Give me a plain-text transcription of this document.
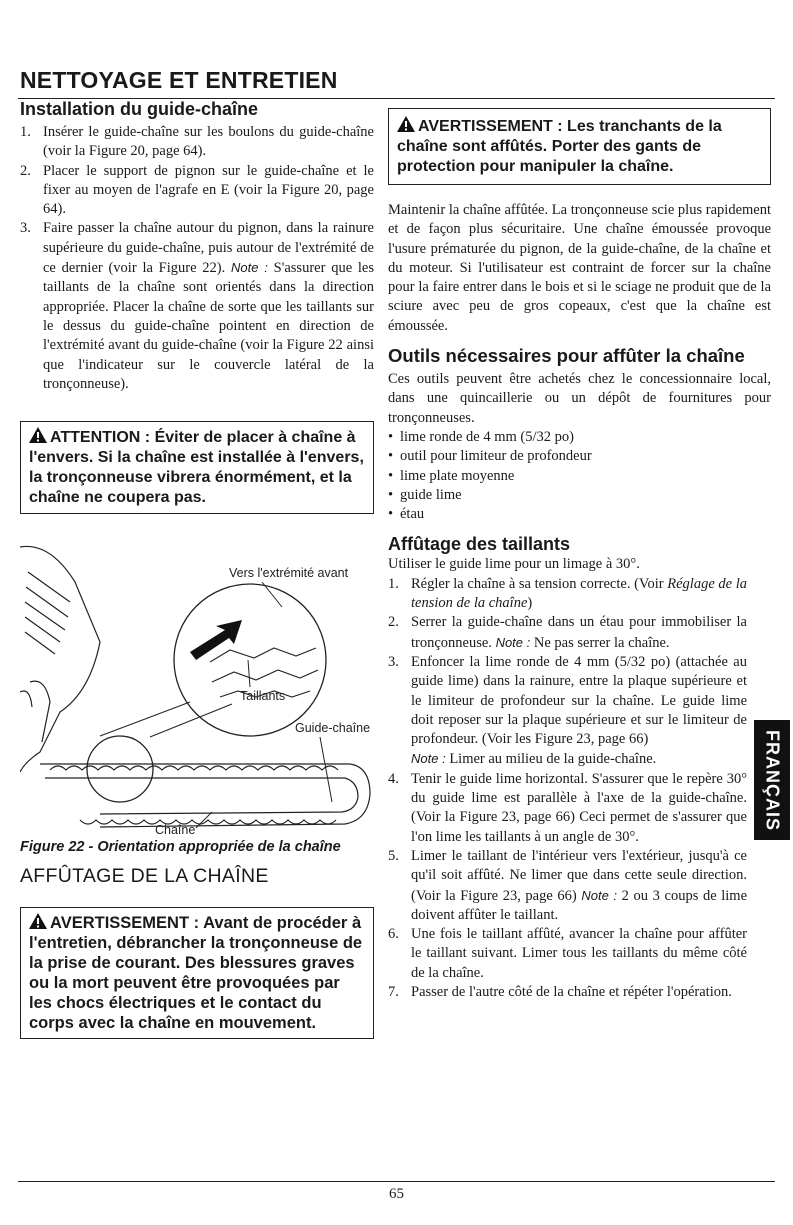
NETTOYAGE ET ENTRETIEN
Installation du guide-chaîne
1. Insérer le guide-chaîne sur les boulons du guide-chaîne (voir la Figure 20, page 64).
2. Placer le support de pignon sur le guide-chaîne et le fixer au moyen de l'agrafe en E (voir la Figure 20, page 64).
3. Faire passer la chaîne autour du pignon, dans la rainure supérieure du guide-chaîne, puis autour de l'extrémité de ce dernier (voir la Figure 22). Note : S'assurer que les taillants de la chaîne sont orientés dans la direction appropriée. Placer la chaîne de sorte que les taillants sur le dessus du guide-chaîne pointent en direction de l'extrémité avant du guide-chaîne (voir la Figure 22 ainsi que l'indicateur sur le couvercle latéral de la tronçonneuse).
ATTENTION : Éviter de placer à chaîne à l'envers. Si la chaîne est installée à l'envers, la tronçonneuse vibrera énormément, et la chaîne ne coupera pas.
Vers l'extrémité avant
Taillants
Guide-chaîne
Chaîne
Figure 22 - Orientation appropriée de la chaîne
AFFÛTAGE DE LA CHAÎNE
AVERTISSEMENT : Avant de procéder à l'entretien, débrancher la tronçonneuse de la prise de courant. Des blessures graves ou la mort peuvent être provoquées par les chocs électriques et le contact du corps avec la chaîne en mouvement.
AVERTISSEMENT : Les tranchants de la chaîne sont affûtés. Porter des gants de protection pour manipuler la chaîne.

Maintenir la chaîne affûtée. La tronçonneuse scie plus rapidement et de façon plus sécuritaire. Une chaîne émoussée provoque l'usure prématurée du pignon, de la guide-chaîne, de la chaîne et du moteur. Si l'utilisateur est contraint de forcer sur la chaîne pour la faire entrer dans le bois et si le sciage ne produit que de la sciure avec peu de gros copeaux, c'est que la chaîne est émoussée.

Outils nécessaires pour affûter la chaîne

Ces outils peuvent être achetés chez le concessionnaire local, dans une quincaillerie ou un dépôt de fournitures pour tronçonneuses.

• lime ronde de 4 mm (5/32 po)
• outil pour limiteur de profondeur
• lime plate moyenne
• guide lime
• étau
Affûtage des taillants

Utiliser le guide lime pour un limage à 30°.

1. Régler la chaîne à sa tension correcte. (Voir Réglage de la tension de la chaîne)
2. Serrer la guide-chaîne dans un étau pour immobiliser la tronçonneuse. Note : Ne pas serrer la chaîne.
3. Enfoncer la lime ronde de 4 mm (5/32 po) (attachée au guide lime) dans la rainure, entre la plaque supérieure et le limiteur de profondeur sur la chaîne. Le guide lime doit reposer sur la plaque supérieure et sur le limiteur de profondeur. (Voir les Figure 23, page 66)
Note : Limer au milieu de la guide-chaîne.
4. Tenir le guide lime horizontal. S'assurer que le repère 30° du guide lime est parallèle à l'axe de la guide-chaîne. (Voir la Figure 23, page 66) Ceci permet de s'assurer que l'on lime les taillants à un angle de 30°.
5. Limer le taillant de l'intérieur vers l'extérieur, jusqu'à ce qu'il soit affûté. Ne limer que dans cette seule direction. (Voir la Figure 23, page 66) Note : 2 ou 3 coups de lime doivent affûter le taillant.
6. Une fois le taillant affûté, avancer la chaîne pour affûter le taillant suivant. Limer tous les taillants du même côté de la chaîne.
7. Passer de l'autre côté de la chaîne et répéter l'opération.
FRANÇAIS
65
